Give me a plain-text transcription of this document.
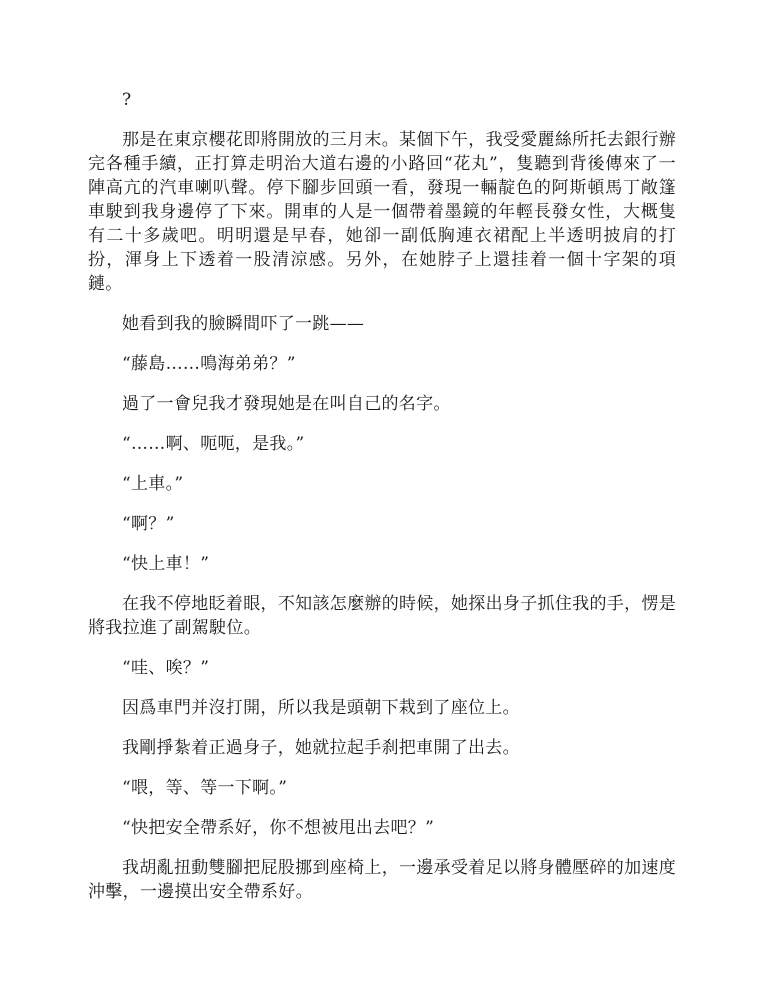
?

那是在東京櫻花即將開放的三月末。某個下午，我受愛麗絲所托去銀行辦完各種手續，正打算走明治大道右邊的小路回“花丸”，隻聽到背後傳來了一陣高亢的汽車喇叭聲。停下腳步回頭一看，發現一輛靛色的阿斯頓馬丁敞篷車駛到我身邊停了下來。開車的人是一個帶着墨鏡的年輕長發女性，大概隻有二十多歲吧。明明還是早春，她卻一副低胸連衣裙配上半透明披肩的打扮，渾身上下透着一股清涼感。另外，在她脖子上還挂着一個十字架的項鏈。

她看到我的臉瞬間吓了一跳——

“藤島……鳴海弟弟？”

過了一會兒我才發現她是在叫自己的名字。

“……啊、呃呃，是我。”

“上車。”

“啊？”

“快上車！”

在我不停地眨着眼，不知該怎麼辦的時候，她探出身子抓住我的手，愣是將我拉進了副駕駛位。

“哇、唉？”

因爲車門并沒打開，所以我是頭朝下栽到了座位上。

我剛掙紮着正過身子，她就拉起手刹把車開了出去。

“喂，等、等一下啊。”

“快把安全帶系好，你不想被甩出去吧？”

我胡亂扭動雙腳把屁股挪到座椅上，一邊承受着足以將身體壓碎的加速度沖擊，一邊摸出安全帶系好。
